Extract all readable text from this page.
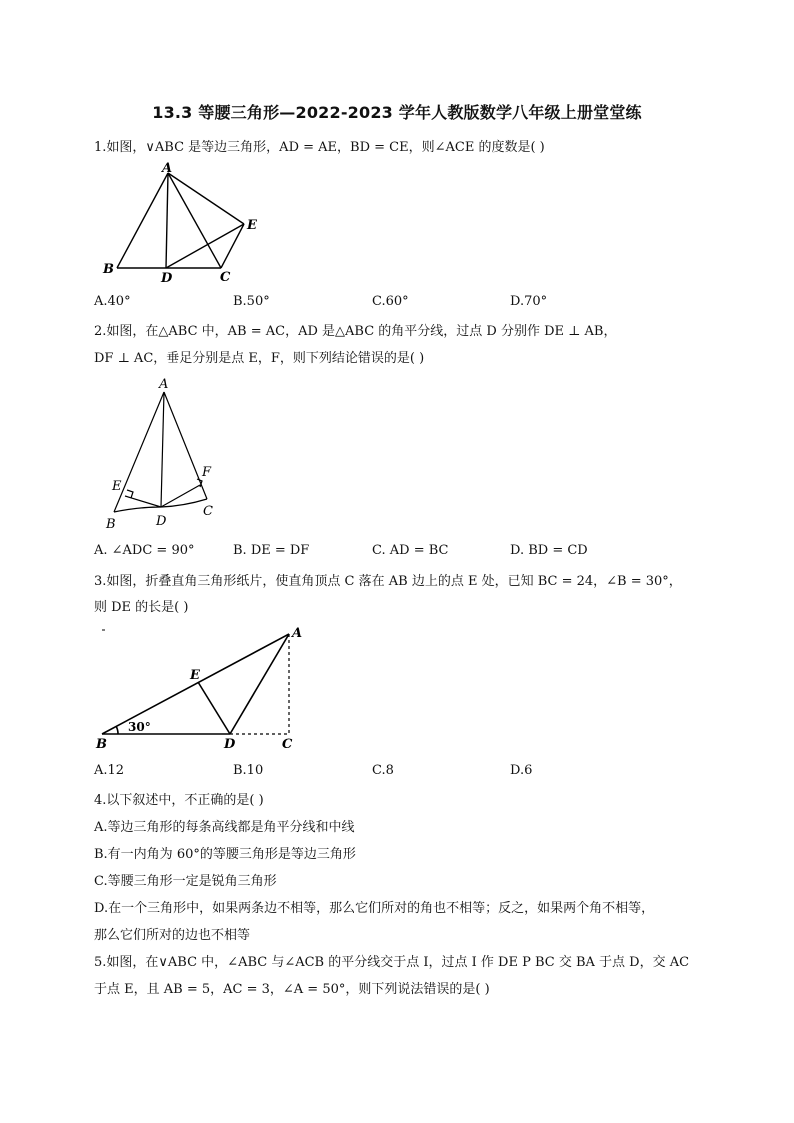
13.3 等腰三角形—2022-2023 学年人教版数学八年级上册堂堂练
1.如图，∨ABC 是等边三角形，AD = AE，BD = CE，则∠ACE 的度数是( )
A
E
B
D	C
A.40°	B.50°	C.60°	D.70°
2.如图，在△ABC 中，AB = AC，AD 是△ABC 的角平分线，过点 D 分别作 DE ⊥ AB，
DF ⊥ AC，垂足分别是点 E，F，则下列结论错误的是( )
A
E
F
B	D
C
A. ∠ADC = 90°	B. DE = DF	C. AD = BC	D. BD = CD
3.如图，折叠直角三角形纸片，使直角顶点 C 落在 AB 边上的点 E 处，已知 BC = 24，∠B = 30°，
则 DE 的长是( )
A
E
B	D	C
30°
A.12	B.10	C.8	D.6
4.以下叙述中，不正确的是( )
A.等边三角形的每条高线都是角平分线和中线
B.有一内角为 60°的等腰三角形是等边三角形
C.等腰三角形一定是锐角三角形
D.在一个三角形中，如果两条边不相等，那么它们所对的角也不相等；反之，如果两个角不相等，
那么它们所对的边也不相等
5.如图，在∨ABC 中，∠ABC 与∠ACB 的平分线交于点 I，过点 I 作 DE P BC 交 BA 于点 D，交 AC
于点 E，且 AB = 5，AC = 3，∠A = 50°，则下列说法错误的是( )
